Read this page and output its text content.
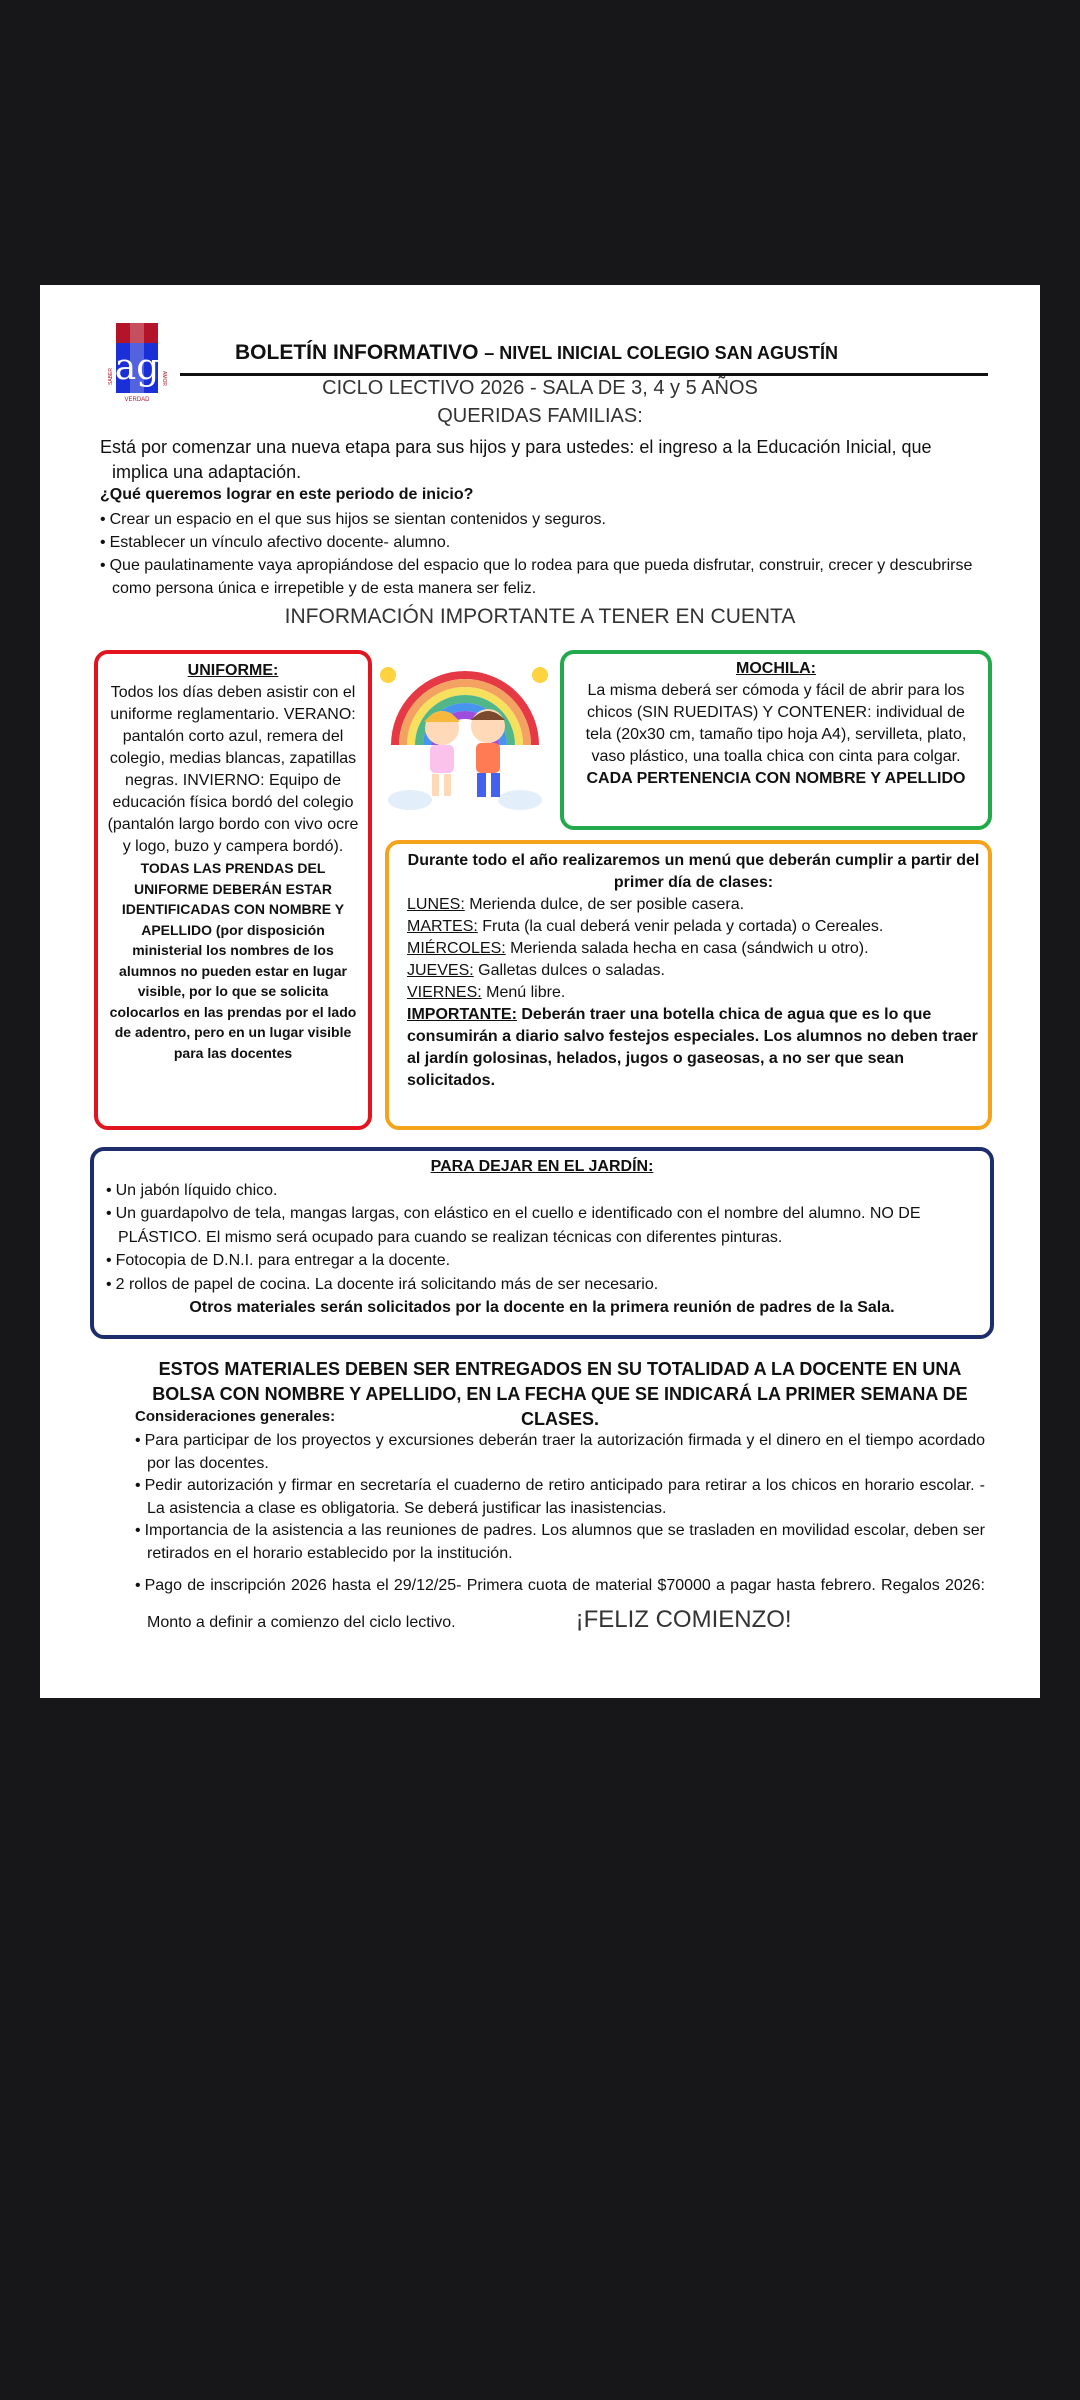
ag
SABER	AMOR
VERDAD
BOLETÍN INFORMATIVO – NIVEL INICIAL COLEGIO SAN AGUSTÍN
CICLO LECTIVO 2026 - SALA DE 3, 4 y 5 AÑOS
QUERIDAS FAMILIAS:
Está por comenzar una nueva etapa para sus hijos y para ustedes: el ingreso a la Educación Inicial, que
implica una adaptación.
¿Qué queremos lograr en este periodo de inicio?
• Crear un espacio en el que sus hijos se sientan contenidos y seguros.
• Establecer un vínculo afectivo docente- alumno.
• Que paulatinamente vaya apropiándose del espacio que lo rodea para que pueda disfrutar, construir, crecer y descubrirse como persona única e irrepetible y de esta manera ser feliz.
INFORMACIÓN IMPORTANTE A TENER EN CUENTA
UNIFORME:
Todos los días deben asistir con el uniforme reglamentario. VERANO: pantalón corto azul, remera del colegio, medias blancas, zapatillas negras. INVIERNO: Equipo de educación física bordó del colegio (pantalón largo bordo con vivo ocre y logo, buzo y campera bordó).
TODAS LAS PRENDAS DEL UNIFORME DEBERÁN ESTAR IDENTIFICADAS CON NOMBRE Y APELLIDO (por disposición ministerial los nombres de los alumnos no pueden estar en lugar visible, por lo que se solicita colocarlos en las prendas por el lado de adentro, pero en un lugar visible para las docentes
MOCHILA:
La misma deberá ser cómoda y fácil de abrir para los chicos (SIN RUEDITAS) Y CONTENER: individual de tela (20x30 cm, tamaño tipo hoja A4), servilleta, plato, vaso plástico, una toalla chica con cinta para colgar.
CADA PERTENENCIA CON NOMBRE Y APELLIDO
Durante todo el año realizaremos un menú que deberán cumplir a partir del primer día de clases:
LUNES: Merienda dulce, de ser posible casera.
MARTES: Fruta (la cual deberá venir pelada y cortada) o Cereales.
MIÉRCOLES: Merienda salada hecha en casa (sándwich u otro).
JUEVES: Galletas dulces o saladas.
VIERNES: Menú libre.
IMPORTANTE: Deberán traer una botella chica de agua que es lo que consumirán a diario salvo festejos especiales. Los alumnos no deben traer al jardín golosinas, helados, jugos o gaseosas, a no ser que sean solicitados.
PARA DEJAR EN EL JARDÍN:
• Un jabón líquido chico.
• Un guardapolvo de tela, mangas largas, con elástico en el cuello e identificado con el nombre del alumno. NO DE PLÁSTICO. El mismo será ocupado para cuando se realizan técnicas con diferentes pinturas.
• Fotocopia de D.N.I. para entregar a la docente.
• 2 rollos de papel de cocina. La docente irá solicitando más de ser necesario.
Otros materiales serán solicitados por la docente en la primera reunión de padres de la Sala.
ESTOS MATERIALES DEBEN SER ENTREGADOS EN SU TOTALIDAD A LA DOCENTE EN UNA BOLSA CON NOMBRE Y APELLIDO, EN LA FECHA QUE SE INDICARÁ LA PRIMER SEMANA DE CLASES.
Consideraciones generales:
• Para participar de los proyectos y excursiones deberán traer la autorización firmada y el dinero en el tiempo acordado por las docentes.
• Pedir autorización y firmar en secretaría el cuaderno de retiro anticipado para retirar a los chicos en horario escolar. - La asistencia a clase es obligatoria. Se deberá justificar las inasistencias.
• Importancia de la asistencia a las reuniones de padres. Los alumnos que se trasladen en movilidad escolar, deben ser retirados en el horario establecido por la institución.
• Pago de inscripción 2026 hasta el 29/12/25- Primera cuota de material $70000 a pagar hasta febrero. Regalos 2026: Monto a definir a comienzo del ciclo lectivo.	¡FELIZ COMIENZO!
